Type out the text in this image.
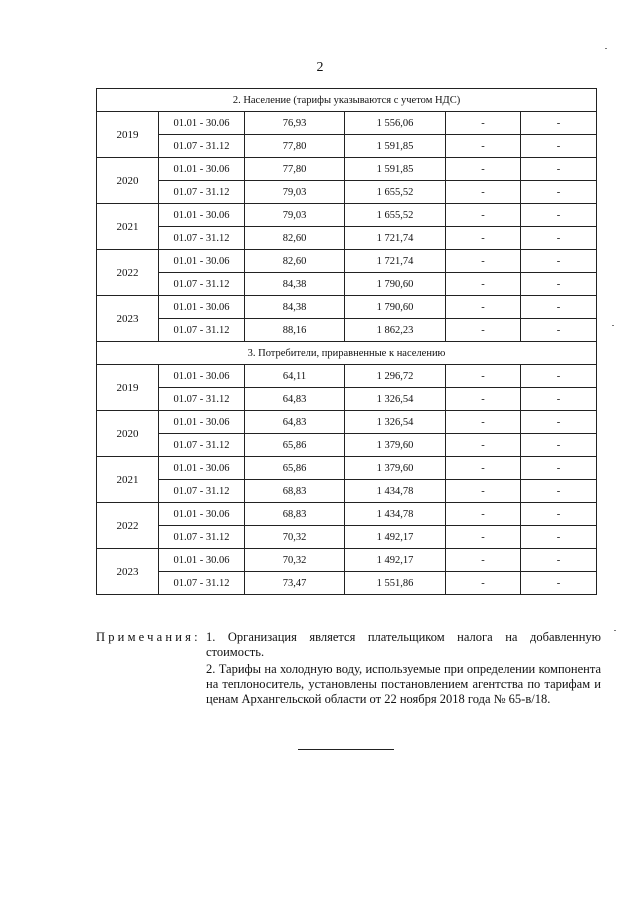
2
2. Население (тарифы указываются с учетом НДС)					
2019	01.01 - 30.06	76,93	1 556,06	-	-
	01.07 - 31.12	77,80	1 591,85	-	-
2020	01.01 - 30.06	77,80	1 591,85	-	-
	01.07 - 31.12	79,03	1 655,52	-	-
2021	01.01 - 30.06	79,03	1 655,52	-	-
	01.07 - 31.12	82,60	1 721,74	-	-
2022	01.01 - 30.06	82,60	1 721,74	-	-
	01.07 - 31.12	84,38	1 790,60	-	-
2023	01.01 - 30.06	84,38	1 790,60	-	-
	01.07 - 31.12	88,16	1 862,23	-	-
3. Потребители, приравненные к населению					
2019	01.01 - 30.06	64,11	1 296,72	-	-
	01.07 - 31.12	64,83	1 326,54	-	-
2020	01.01 - 30.06	64,83	1 326,54	-	-
	01.07 - 31.12	65,86	1 379,60	-	-
2021	01.01 - 30.06	65,86	1 379,60	-	-
	01.07 - 31.12	68,83	1 434,78	-	-
2022	01.01 - 30.06	68,83	1 434,78	-	-
	01.07 - 31.12	70,32	1 492,17	-	-
2023	01.01 - 30.06	70,32	1 492,17	-	-
	01.07 - 31.12	73,47	1 551,86	-	-
Примечания: 1. Организация является плательщиком налога на добавленную стоимость.

2. Тарифы на холодную воду, используемые при определении компонента на теплоноситель, установлены постановлением агентства по тарифам и ценам Архангельской области от 22 ноября 2018 года № 65-в/18.
